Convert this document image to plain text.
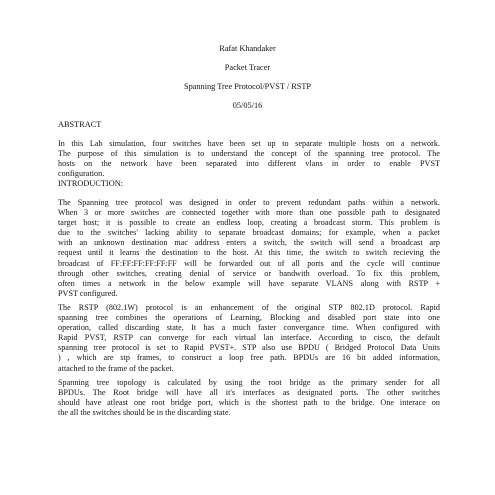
Rafat Khandaker
Packet Tracer
Spanning Tree Protocol/PVST / RSTP
05/05/16
ABSTRACT
In this Lab simulation, four switches have been set up to separate multiple hosts on a network.
The purpose of this simulation is to understand the concept of the spanning tree protocol. The
hosts on the network have been separated into different vlans in order to enable PVST
configuration.
INTRODUCTION:
The Spanning tree protocol was designed in order to prevent redundant paths within a network.
When 3 or more switches are connected together with more than one possible path to designated
target host; it is possible to create an endless loop, creating a broadcast storm. This problem is
due to the switches' lacking ability to separate broadcast domains; for example, when a packet
with an unknown destination mac address enters a switch, the switch will send a broadcast arp
request until it learns the destination to the host. At this time, the switch to switch recieving the
broadcast of FF:FF:FF:FF:FF:FF will be forwarded out of all ports and the cycle will continue
through other switches, creating denial of service or bandwith overload. To fix this problem,
often times a network in the below example will have separate VLANS along with RSTP +
PVST configured.
The RSTP (802.1W) protocol is an enhancement of the original STP 802.1D protocol. Rapid
spanning tree combines the operations of Learning, Blocking and disabled port state into one
operation, called discarding state, It has a much faster convergance time. When configured with
Rapid PVST, RSTP can converge for each virtual lan interface. According to cisco, the default
spanning tree protocol is set to Rapid PVST+. STP also use BPDU ( Bridged Protocol Data Units
) , which are stp frames, to construct a loop free path. BPDUs are 16 bit added information,
attached to the frame of the packet.
Spanning tree topology is calculated by using the root bridge as the primary sender for all
BPDUs. The Root bridge will have all it's interfaces as designated ports. The other switches
should have atleast one root bridge port, which is the shortest path to the bridge. One interace on
the all the switches should be in the discarding state.
